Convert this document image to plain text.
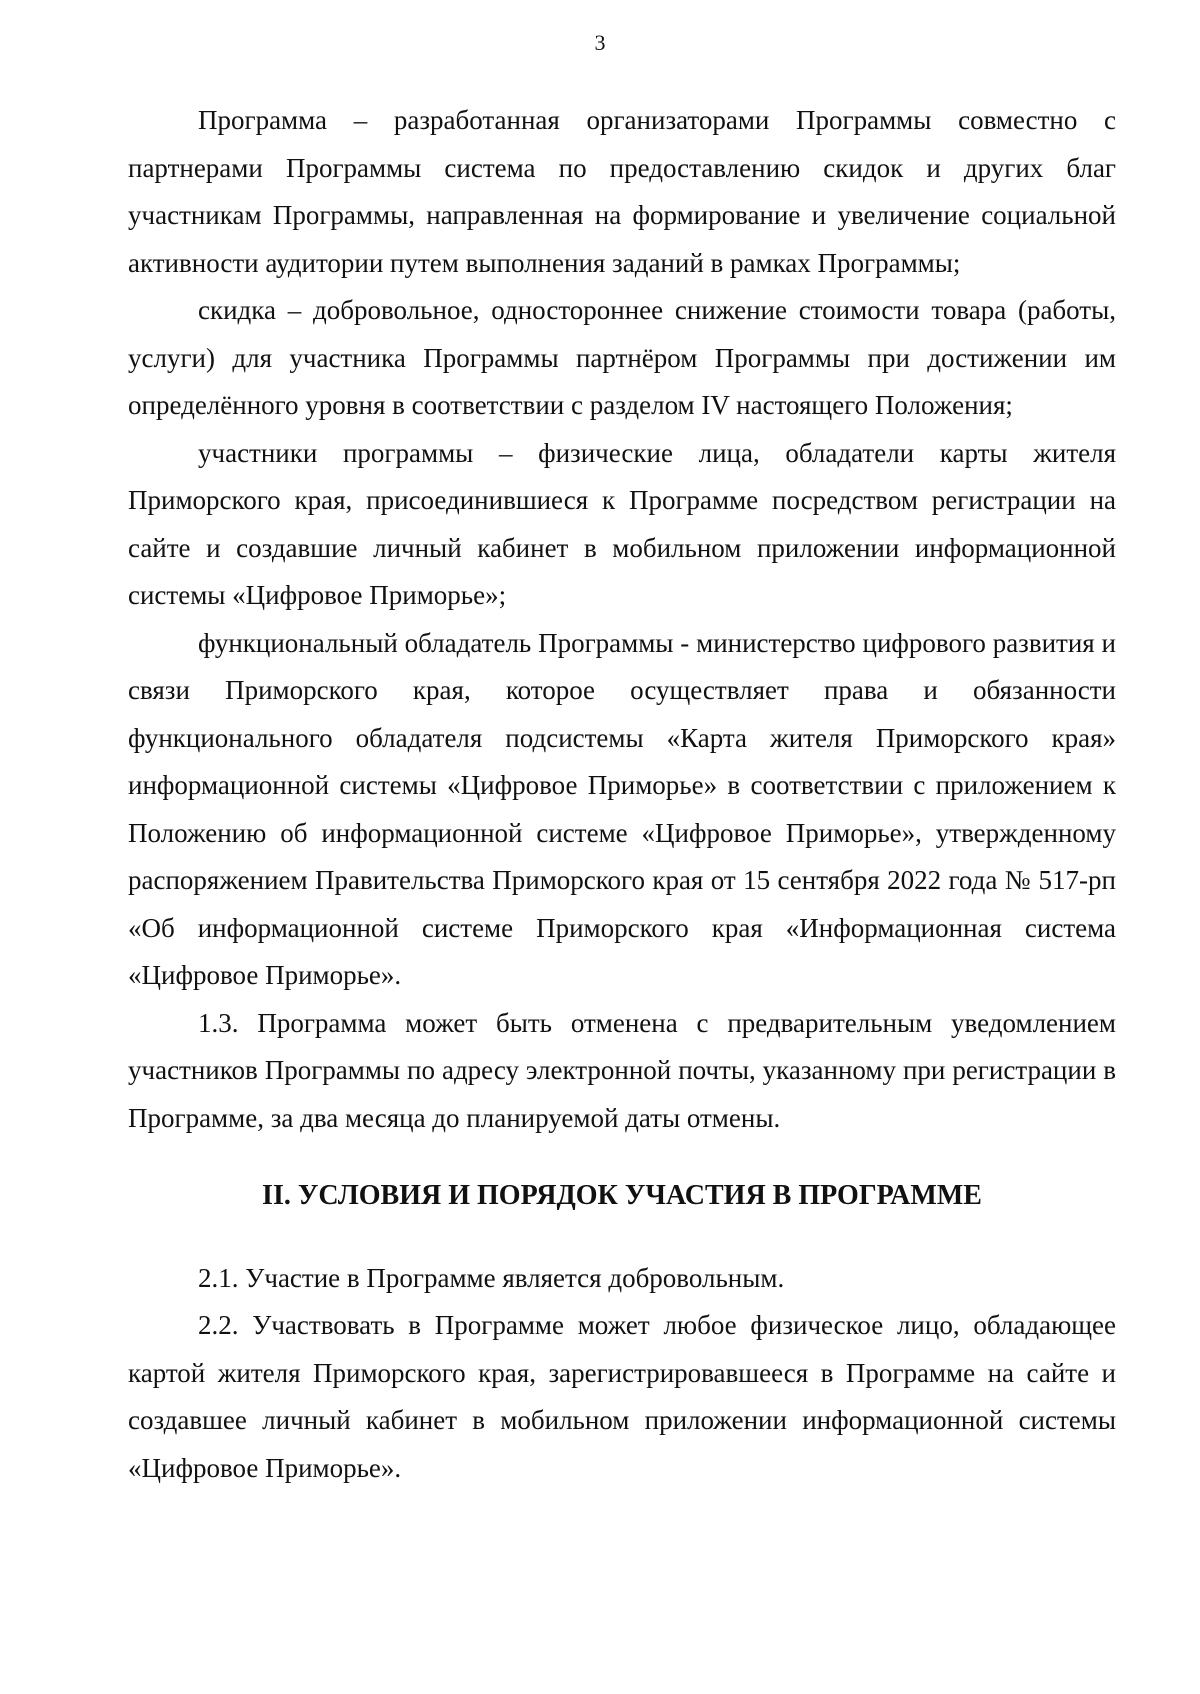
3

Программа – разработанная организаторами Программы совместно с партнерами Программы система по предоставлению скидок и других благ участникам Программы, направленная на формирование и увеличение социальной активности аудитории путем выполнения заданий в рамках Программы;

скидка – добровольное, одностороннее снижение стоимости товара (работы, услуги) для участника Программы партнёром Программы при достижении им определённого уровня в соответствии с разделом IV настоящего Положения;

участники программы – физические лица, обладатели карты жителя Приморского края, присоединившиеся к Программе посредством регистрации на сайте и создавшие личный кабинет в мобильном приложении информационной системы «Цифровое Приморье»;

функциональный обладатель Программы - министерство цифрового развития и связи Приморского края, которое осуществляет права и обязанности функционального обладателя подсистемы «Карта жителя Приморского края» информационной системы «Цифровое Приморье» в соответствии с приложением к Положению об информационной системе «Цифровое Приморье», утвержденному распоряжением Правительства Приморского края от 15 сентября 2022 года № 517-рп «Об информационной системе Приморского края «Информационная система «Цифровое Приморье».

1.3. Программа может быть отменена с предварительным уведомлением участников Программы по адресу электронной почты, указанному при регистрации в Программе, за два месяца до планируемой даты отмены.

II. УСЛОВИЯ И ПОРЯДОК УЧАСТИЯ В ПРОГРАММЕ

2.1. Участие в Программе является добровольным.

2.2. Участвовать в Программе может любое физическое лицо, обладающее картой жителя Приморского края, зарегистрировавшееся в Программе на сайте и создавшее личный кабинет в мобильном приложении информационной системы «Цифровое Приморье».
